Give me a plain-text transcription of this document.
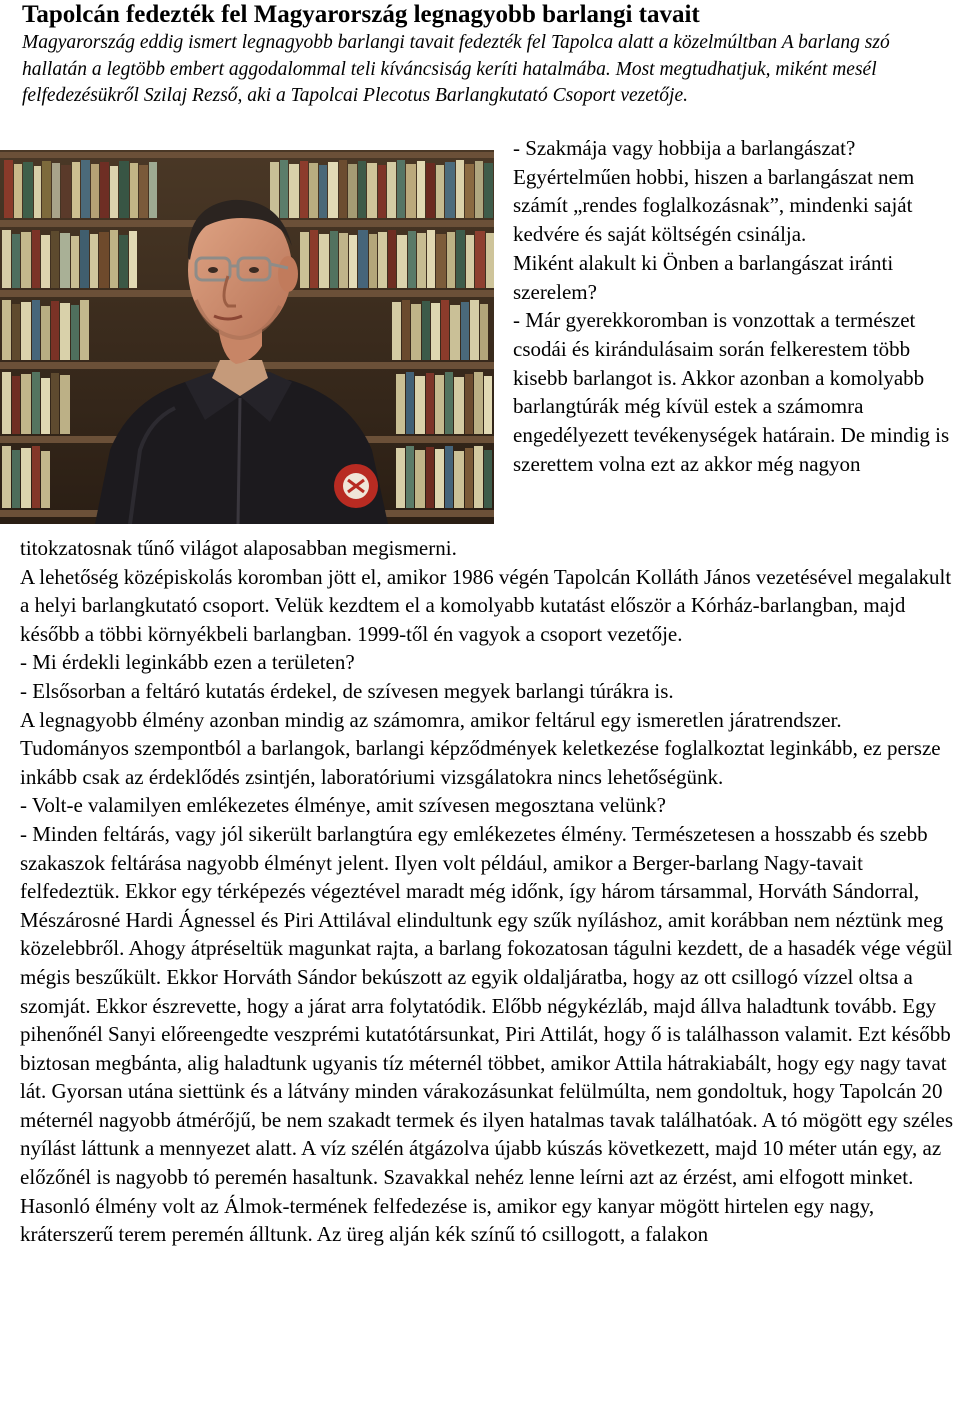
Tapolcán fedezték fel Magyarország legnagyobb barlangi tavait

Magyarország eddig ismert legnagyobb barlangi tavait fedezték fel Tapolca alatt a közelmúltban A barlang szó hallatán a legtöbb embert aggodalommal teli kíváncsiság keríti hatalmába. Most megtudhatjuk, miként mesél felfedezésükről Szilaj Rezső, aki a Tapolcai Plecotus Barlangkutató Csoport vezetője.

- Szakmája vagy hobbija a barlangászat?

Egyértelműen hobbi, hiszen a barlangászat nem számít „rendes foglalkozásnak”, mindenki saját kedvére és saját költségén csinálja.

Miként alakult ki Önben a barlangászat iránti szerelem?

- Már gyerekkoromban is vonzottak a természet csodái és kirándulásaim során felkerestem több kisebb barlangot is. Akkor azonban a komolyabb barlangtúrák még kívül estek a számomra engedélyezett tevékenységek határain. De mindig is szerettem volna ezt az akkor még nagyon

titokzatosnak tűnő világot alaposabban megismerni.

A lehetőség középiskolás koromban jött el, amikor 1986 végén Tapolcán Kolláth János vezetésével megalakult a helyi barlangkutató csoport. Velük kezdtem el a komolyabb kutatást először a Kórház-barlangban, majd később a többi környékbeli barlangban. 1999-től én vagyok a csoport vezetője.

- Mi érdekli leginkább ezen a területen?

- Elsősorban a feltáró kutatás érdekel, de szívesen megyek barlangi túrákra is.

A legnagyobb élmény azonban mindig az számomra, amikor feltárul egy ismeretlen járatrendszer.

Tudományos szempontból a barlangok, barlangi képződmények keletkezése foglalkoztat leginkább, ez persze inkább csak az érdeklődés zsintjén, laboratóriumi vizsgálatokra nincs lehetőségünk.

- Volt-e valamilyen emlékezetes élménye, amit szívesen megosztana velünk?

- Minden feltárás, vagy jól sikerült barlangtúra egy emlékezetes élmény. Természetesen a hosszabb és szebb szakaszok feltárása nagyobb élményt jelent. Ilyen volt például, amikor a Berger-barlang Nagy-tavait felfedeztük. Ekkor egy térképezés végeztével maradt még időnk, így három társammal, Horváth Sándorral, Mészárosné Hardi Ágnessel és Piri Attilával elindultunk egy szűk nyíláshoz, amit korábban nem néztünk meg közelebbről. Ahogy átpréseltük magunkat rajta, a barlang fokozatosan tágulni kezdett, de a hasadék vége végül mégis beszűkült. Ekkor Horváth Sándor bekúszott az egyik oldaljáratba, hogy az ott csillogó vízzel oltsa a szomját. Ekkor észrevette, hogy a járat arra folytatódik. Előbb négykézláb, majd állva haladtunk tovább. Egy pihenőnél Sanyi előreengedte veszprémi kutatótársunkat, Piri Attilát, hogy ő is találhasson valamit. Ezt később biztosan megbánta, alig haladtunk ugyanis tíz méternél többet, amikor Attila hátrakiabált, hogy egy nagy tavat lát. Gyorsan utána siettünk és a látvány minden várakozásunkat felülmúlta, nem gondoltuk, hogy Tapolcán 20 méternél nagyobb átmérőjű, be nem szakadt termek és ilyen hatalmas tavak találhatóak. A tó mögött egy széles nyílást láttunk a mennyezet alatt. A víz szélén átgázolva újabb kúszás következett, majd 10 méter után egy, az előzőnél is nagyobb tó peremén hasaltunk. Szavakkal nehéz lenne leírni azt az érzést, ami elfogott minket.

Hasonló élmény volt az Álmok-termének felfedezése is, amikor egy kanyar mögött hirtelen egy nagy, kráterszerű terem peremén álltunk. Az üreg alján kék színű tó csillogott, a falakon
